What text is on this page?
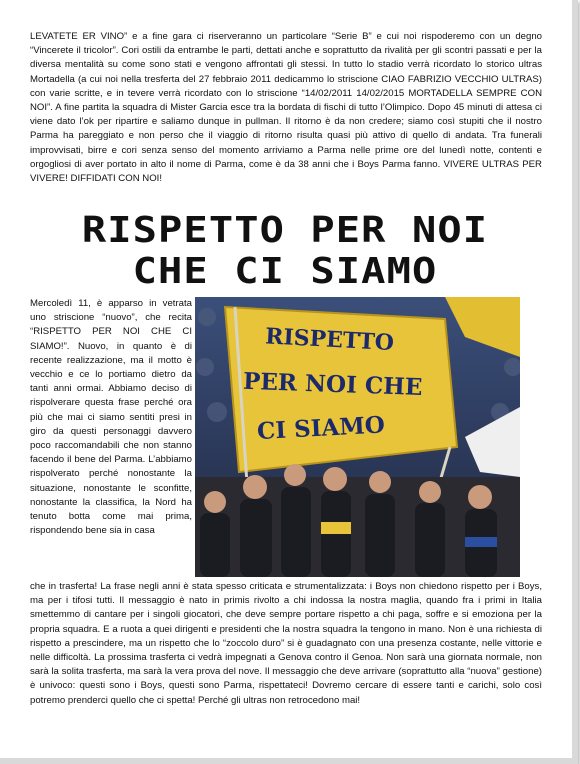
LEVATETE ER VINO” e a fine gara ci riserveranno un particolare “Serie B” e cui noi rispoderemo con un degno “Vincerete il tricolor”. Cori ostili da entrambe le parti, dettati anche e soprattutto da rivalità per gli scontri passati e per la diversa mentalità su come sono stati e vengono affrontati gli stessi. In tutto lo stadio verrà ricordato lo storico ultras Mortadella (a cui noi nella tresferta del 27 febbraio 2011 dedicammo lo striscione CIAO FABRIZIO VECCHIO ULTRAS) con varie scritte, e in tevere verrà ricordato con lo striscione “14/02/2011 14/02/2015 MORTADELLA SEMPRE CON NOI”. A fine partita la squadra di Mister Garcia esce tra la bordata di fischi di tutto l’Olimpico. Dopo 45 minuti di attesa ci viene dato l’ok per ripartire e saliamo dunque in pullman. Il ritorno è da non credere; siamo così stupiti che il nostro Parma ha pareggiato e non perso che il viaggio di ritorno risulta quasi più attivo di quello di andata. Tra funerali improvvisati, birre e cori senza senso del momento arriviamo a Parma nelle prime ore del lunedì notte, contenti e orgogliosi di aver portato in alto il nome di Parma, come è da 38 anni che i Boys Parma fanno. VIVERE ULTRAS PER VIVERE! DIFFIDATI CON NOI!

RISPETTO PER NOI
CHE CI SIAMO

Mercoledì 11, è apparso in vetrata uno striscione “nuovo”, che recita “RISPETTO PER NOI CHE CI SIAMO!”. Nuovo, in quanto è di recente realizzazione, ma il motto è vecchio e ce lo portiamo dietro da tanti anni ormai. Abbiamo deciso di rispolverare questa frase perché ora più che mai ci siamo sentiti presi in giro da questi personaggi davvero poco raccomandabili che non stanno facendo il bene del Parma. L’abbiamo rispolverato perché nonostante la situazione, nonostante le sconfitte, nonostante la classifica, la Nord ha tenuto botta come mai prima, rispondendo bene sia in casa

RISPETTO
PER NOI CHE
CI SIAMO

che in trasferta! La frase negli anni è stata spesso criticata e strumentalizzata: i Boys non chiedono rispetto per i Boys, ma per i tifosi tutti. Il messaggio è nato in primis rivolto a chi indossa la nostra maglia, quando fra i primi in Italia smettemmo di cantare per i singoli giocatori, che deve sempre portare rispetto a chi paga, soffre e si emoziona per la propria squadra. E a ruota a quei dirigenti e presidenti che la nostra squadra la tengono in mano. Non è una richiesta di rispetto a prescindere, ma un rispetto che lo “zoccolo duro” si è guadagnato con una presenza costante, nelle vittorie e nelle difficoltà. La prossima trasferta ci vedrà impegnati a Genova contro il Genoa. Non sarà una giornata normale, non sarà la solita trasferta, ma sarà la vera prova del nove. Il messaggio che deve arrivare (soprattutto alla “nuova” gestione) è univoco: questi sono i Boys, questi sono Parma, rispettateci! Dovremo cercare di essere tanti e carichi, solo così potremo prenderci quello che ci spetta! Perché gli ultras non retrocedono mai!
